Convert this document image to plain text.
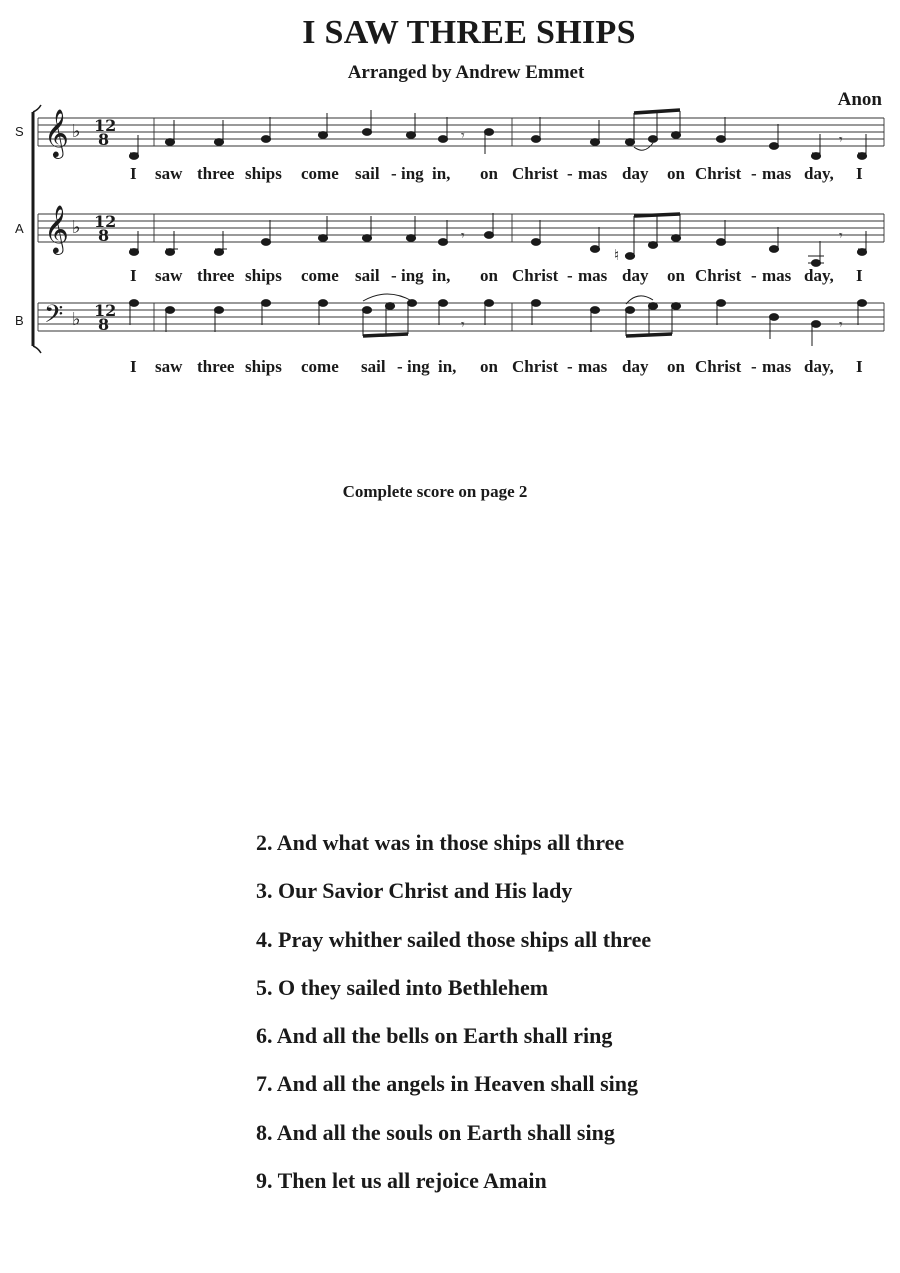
I SAW THREE SHIPS
Arranged by Andrew Emmet
Anon
S
A
B
𝄞 ♭ 12
8
𝄞 ♭ 12
8
♮
𝄢 ♭ 12
8
𝄾	𝄾
𝄾	𝄾
𝄾	𝄾
I saw three ships come sail - ing in, on Christ - mas day on Christ - mas day, I
I saw three ships come sail - ing in, on Christ - mas day on Christ - mas day, I
I saw three ships come sail - ing in, on Christ - mas day on Christ - mas day, I
Complete score on page 2
2. And what was in those ships all three
3. Our Savior Christ and His lady
4. Pray whither sailed those ships all three
5. O they sailed into Bethlehem
6. And all the bells on Earth shall ring
7. And all the angels in Heaven shall sing
8. And all the souls on Earth shall sing
9. Then let us all rejoice Amain
